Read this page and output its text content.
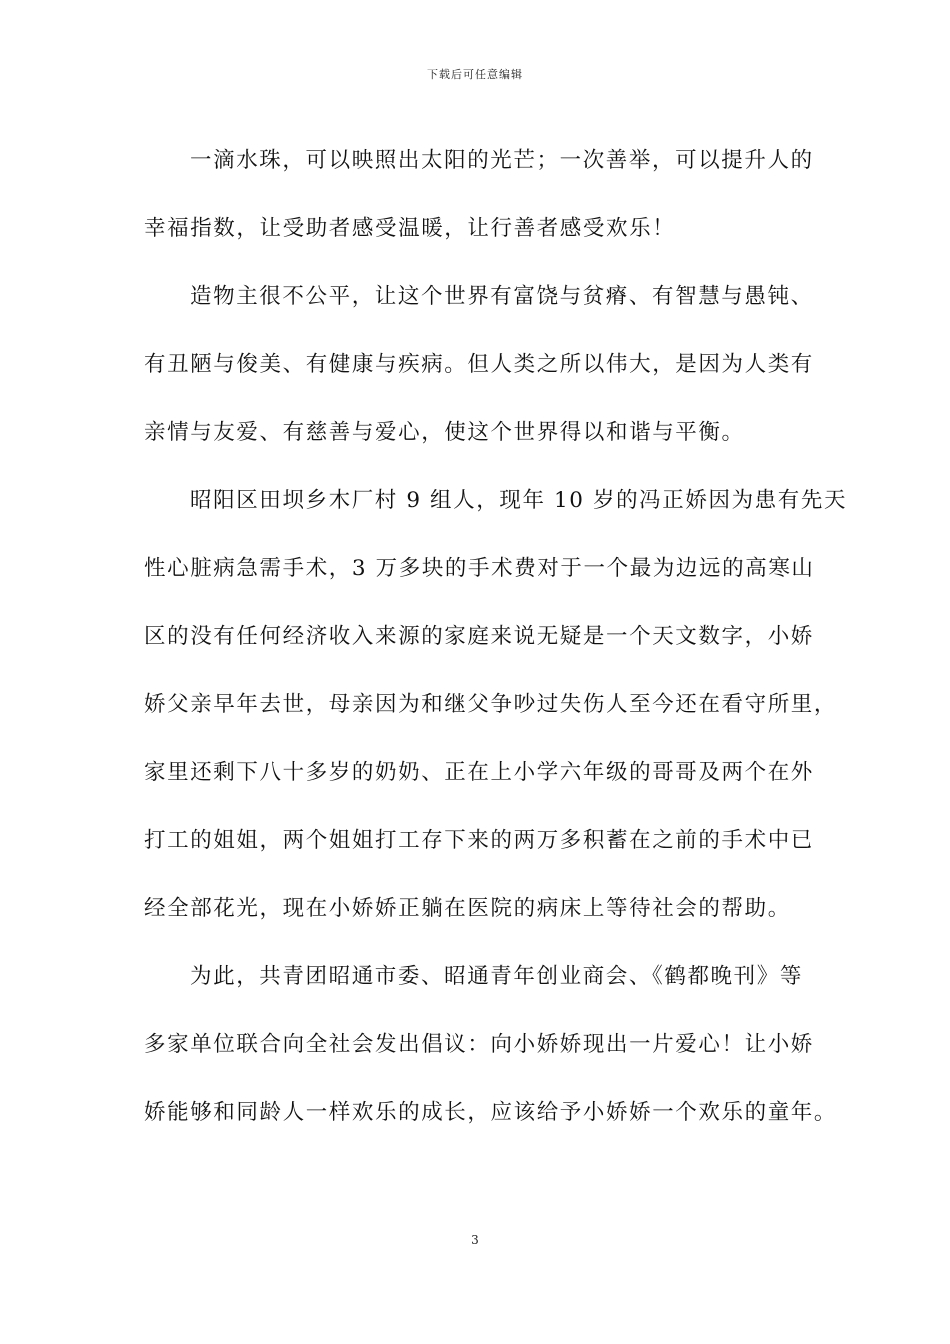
下载后可任意编辑

一滴水珠，可以映照出太阳的光芒；一次善举，可以提升人的
幸福指数，让受助者感受温暖，让行善者感受欢乐！

造物主很不公平，让这个世界有富饶与贫瘠、有智慧与愚钝、
有丑陋与俊美、有健康与疾病。但人类之所以伟大，是因为人类有
亲情与友爱、有慈善与爱心，使这个世界得以和谐与平衡。

昭阳区田坝乡木厂村 9 组人，现年 10 岁的冯正娇因为患有先天
性心脏病急需手术，3 万多块的手术费对于一个最为边远的高寒山
区的没有任何经济收入来源的家庭来说无疑是一个天文数字，小娇
娇父亲早年去世，母亲因为和继父争吵过失伤人至今还在看守所里，
家里还剩下八十多岁的奶奶、正在上小学六年级的哥哥及两个在外
打工的姐姐，两个姐姐打工存下来的两万多积蓄在之前的手术中已
经全部花光，现在小娇娇正躺在医院的病床上等待社会的帮助。

为此，共青团昭通市委、昭通青年创业商会、《鹤都晚刊》等
多家单位联合向全社会发出倡议：向小娇娇现出一片爱心！让小娇
娇能够和同龄人一样欢乐的成长，应该给予小娇娇一个欢乐的童年。

3
